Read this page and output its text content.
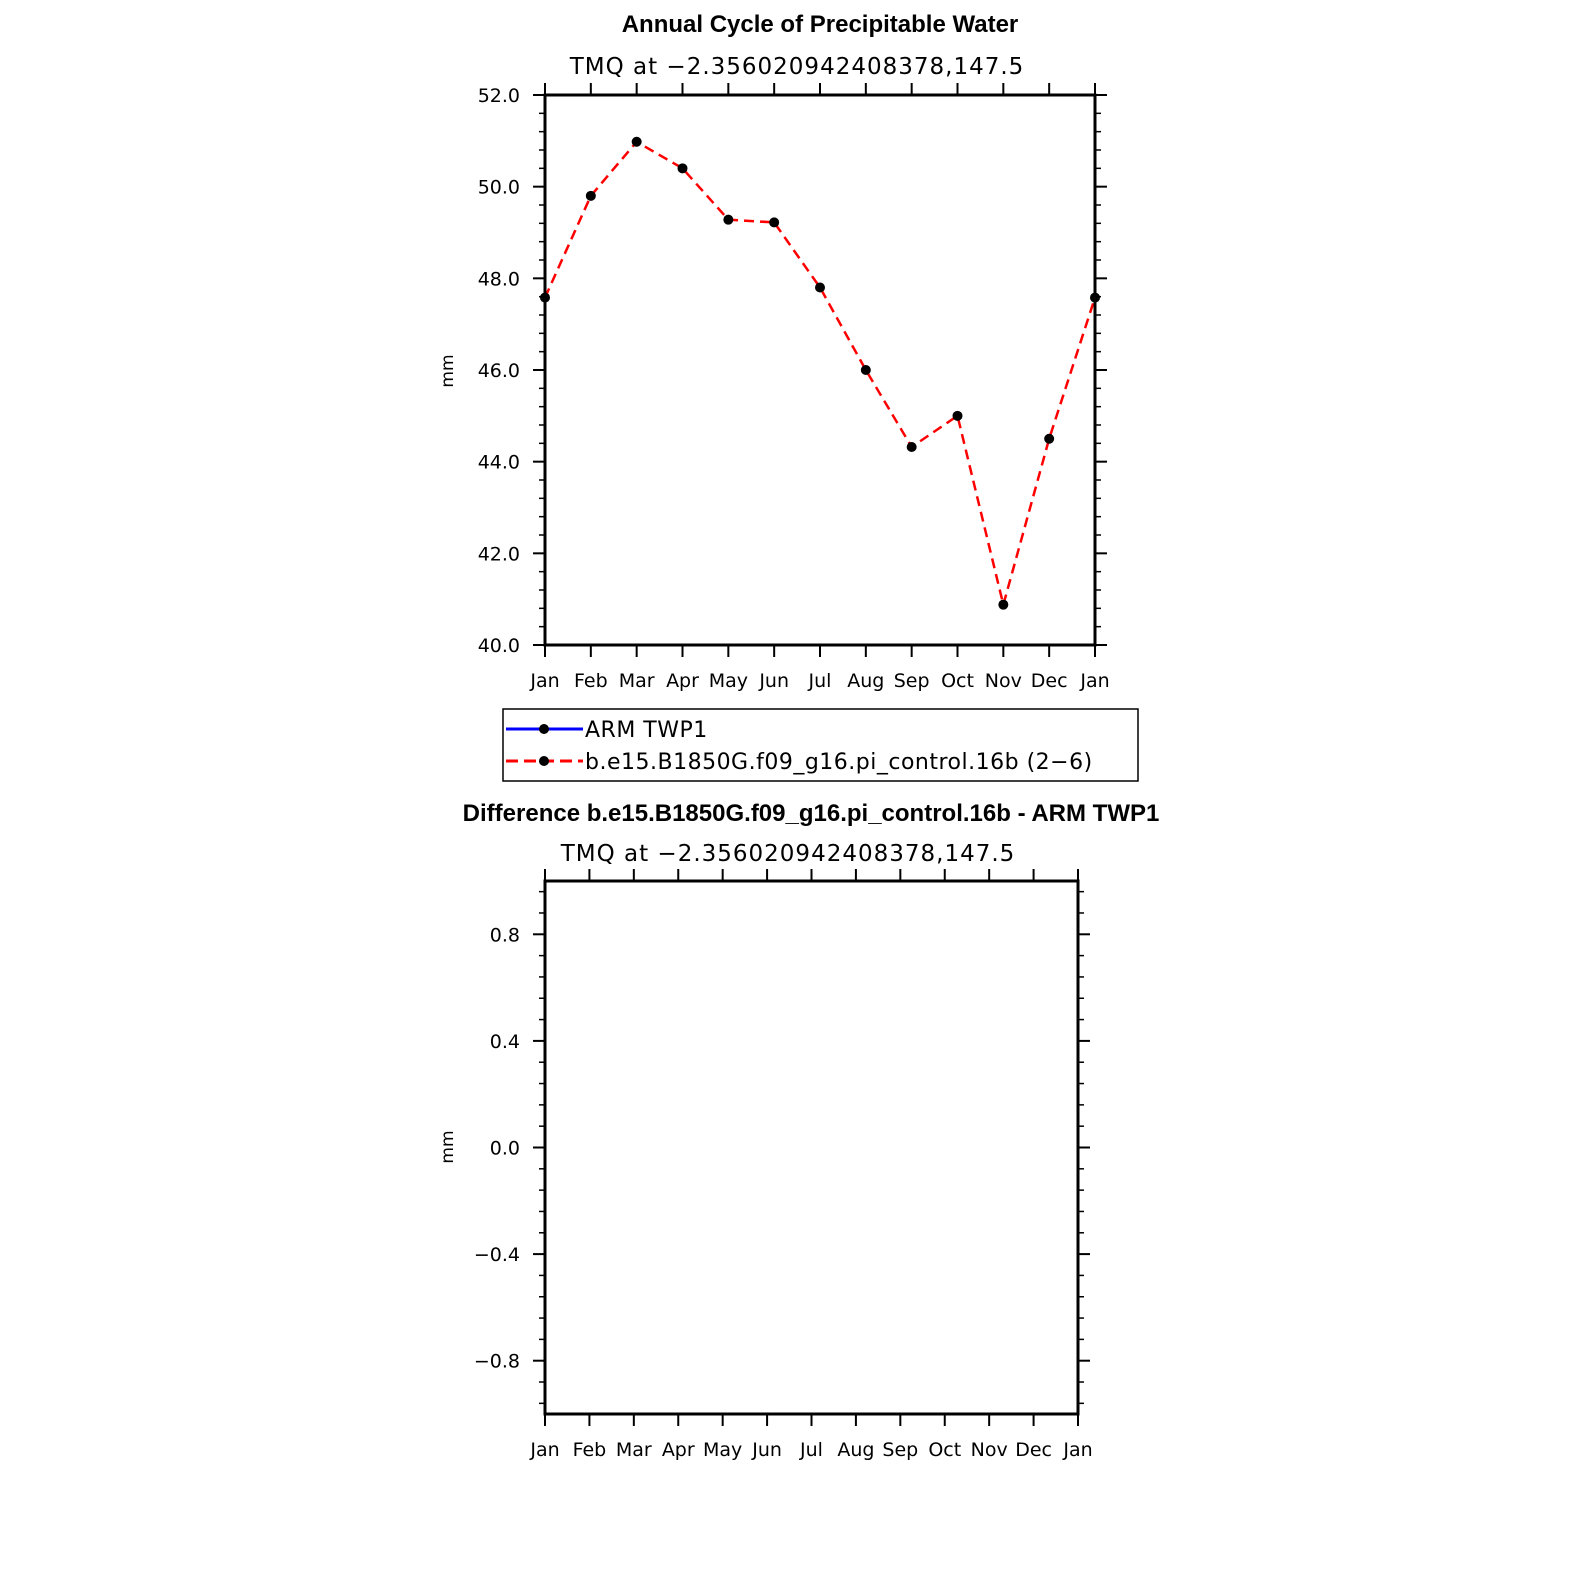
Annual Cycle of Precipitable Water
TMQ at −2.356020942408378,147.5
mm
Jan Feb Mar Apr May Jun Jul Aug Sep Oct Nov Dec Jan
40.0
42.0
44.0
46.0
48.0
50.0
52.0
ARM TWP1
b.e15.B1850G.f09_g16.pi_control.16b (2−6)
Difference b.e15.B1850G.f09_g16.pi_control.16b - ARM TWP1
TMQ at −2.356020942408378,147.5
mm
Jan Feb Mar Apr May Jun Jul Aug Sep Oct Nov Dec Jan
−0.8
−0.4
0.0
0.4
0.8
